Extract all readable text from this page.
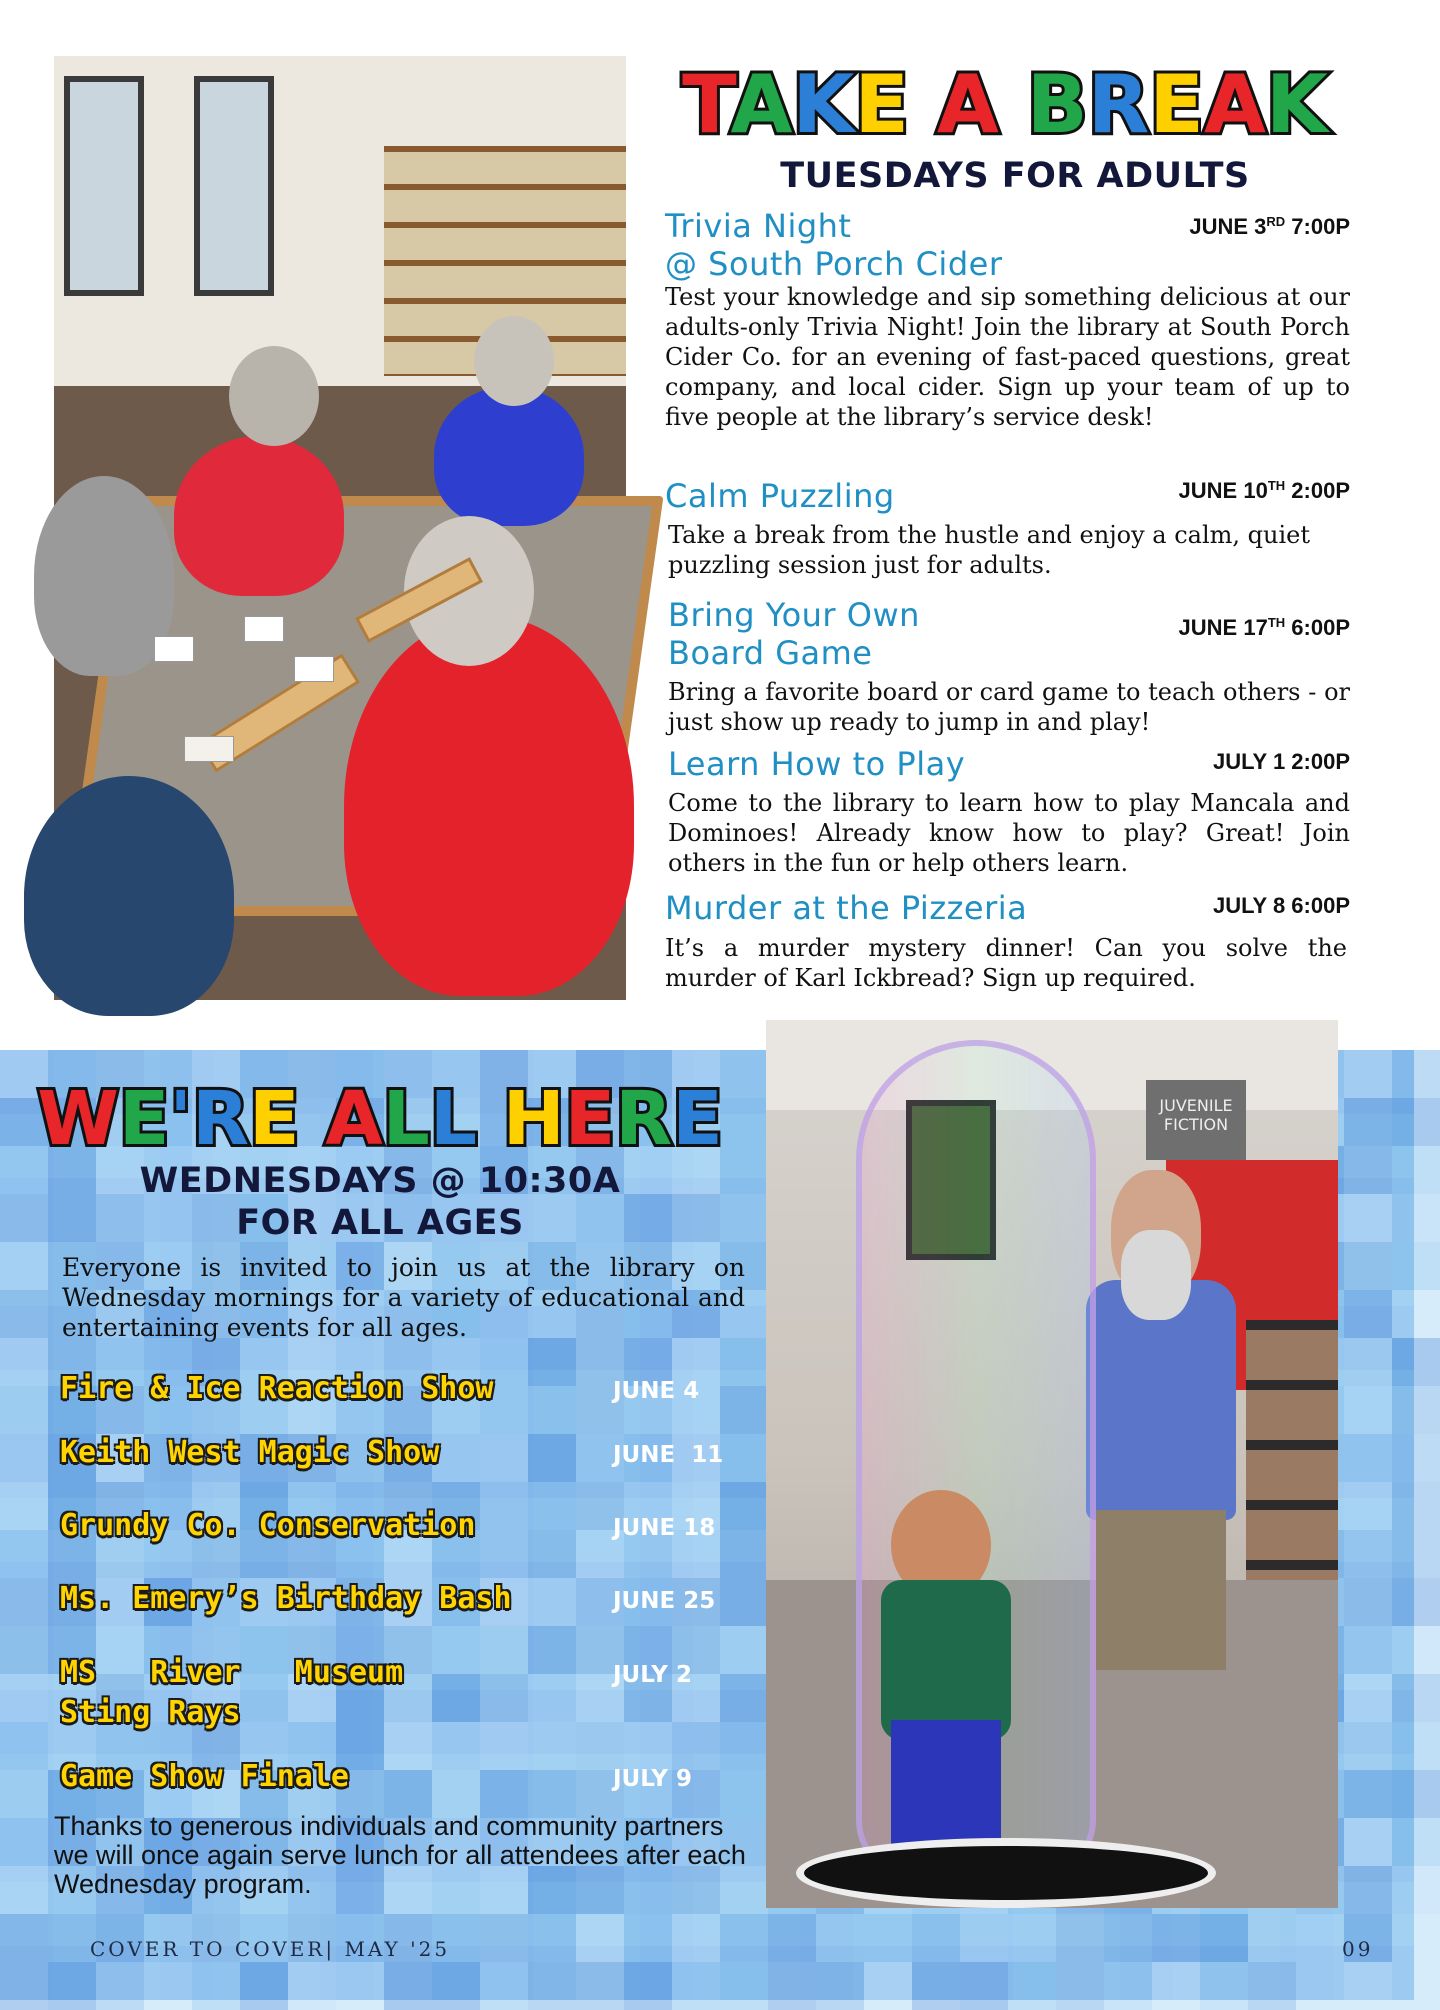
TAKE A BREAK
TUESDAYS FOR ADULTS
Trivia Night
@ South Porch Cider
JUNE 3RD 7:00P
Test your knowledge and sip something delicious at our adults-only Trivia Night! Join the library at South Porch Cider Co. for an evening of fast-paced questions, great company, and local cider. Sign up your team of up to five people at the library’s service desk!
Calm Puzzling	JUNE 10TH 2:00P
Take a break from the hustle and enjoy a calm, quiet puzzling session just for adults.
Bring Your Own
Board Game
JUNE 17TH 6:00P
Bring a favorite board or card game to teach others - or just show up ready to jump in and play!
Learn How to Play	JULY 1 2:00P
Come to the library to learn how to play Mancala and Dominoes! Already know how to play? Great! Join others in the fun or help others learn.
Murder at the Pizzeria	JULY 8 6:00P
It’s a murder mystery dinner! Can you solve the murder of Karl Ickbread? Sign up required.
JUVENILE
FICTION
WE'RE ALL HERE
WEDNESDAYS @ 10:30A
FOR ALL AGES
Everyone is invited to join us at the library on Wednesday mornings for a variety of educational and entertaining events for all ages.
Fire & Ice Reaction Show	JUNE 4
Keith West Magic Show	JUNE  11
Grundy Co. Conservation	JUNE 18
Ms. Emery’s Birthday Bash	JUNE 25
MS   River   Museum
Sting Rays
JULY 2
Game Show Finale	JULY 9
Thanks to generous individuals and community partners we will once again serve lunch for all attendees after each Wednesday program.
COVER TO COVER| MAY '25	09
